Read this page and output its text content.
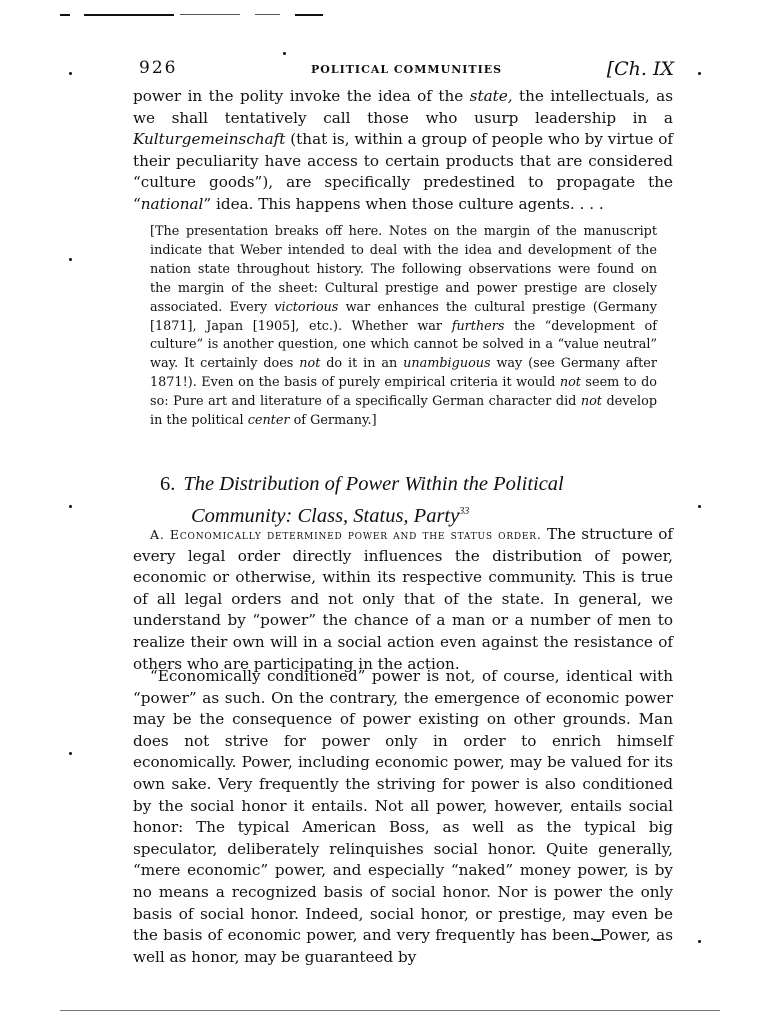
926	POLITICAL COMMUNITIES	[Ch. IX

power in the polity invoke the idea of the state, the intellectuals, as we shall tentatively call those who usurp leadership in a Kulturgemeinschaft (that is, within a group of people who by virtue of their peculiarity have access to certain products that are considered “culture goods”), are specifically predestined to propagate the “national” idea. This happens when those culture agents. . . .

[The presentation breaks off here. Notes on the margin of the manuscript indicate that Weber intended to deal with the idea and development of the nation state throughout history. The following observations were found on the margin of the sheet: Cultural prestige and power prestige are closely associated. Every victorious war enhances the cultural prestige (Germany [1871], Japan [1905], etc.). Whether war furthers the “development of culture” is another question, one which cannot be solved in a “value neutral” way. It certainly does not do it in an unambiguous way (see Germany after 1871!). Even on the basis of purely empirical criteria it would not seem to do so: Pure art and literature of a specifically German character did not develop in the political center of Germany.]

6. The Distribution of Power Within the Political
Community: Class, Status, Party$^{33}$

A. Economically determined power and the status order. The structure of every legal order directly influences the distribution of power, economic or otherwise, within its respective community. This is true of all legal orders and not only that of the state. In general, we understand by “power” the chance of a man or a number of men to realize their own will in a social action even against the resistance of others who are participating in the action.

“Economically conditioned” power is not, of course, identical with “power” as such. On the contrary, the emergence of economic power may be the consequence of power existing on other grounds. Man does not strive for power only in order to enrich himself economically. Power, including economic power, may be valued for its own sake. Very frequently the striving for power is also conditioned by the social honor it entails. Not all power, however, entails social honor: The typical American Boss, as well as the typical big speculator, deliberately relinquishes social honor. Quite generally, “mere economic” power, and especially “naked” money power, is by no means a recognized basis of social honor. Nor is power the only basis of social honor. Indeed, social honor, or prestige, may even be the basis of economic power, and very frequently has been. Power, as well as honor, may be guaranteed by
